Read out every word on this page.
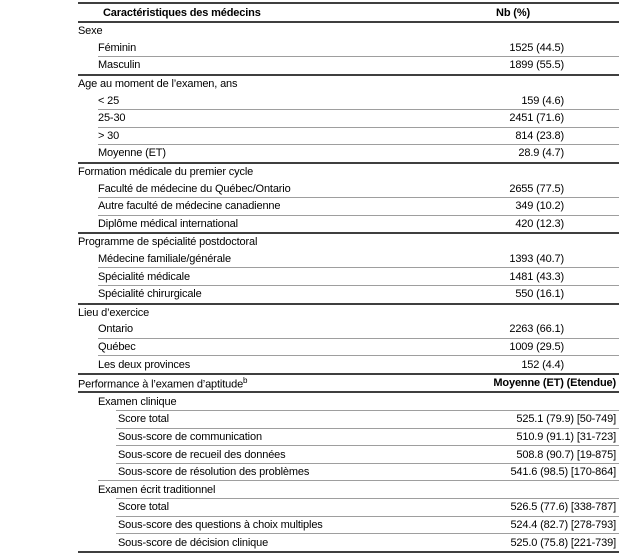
Caractéristiques des médecins	Nb (%)
Sexe
Féminin	1525 (44.5)
Masculin	1899 (55.5)
Age au moment de l’examen, ans
< 25	159 (4.6)
25-30	2451 (71.6)
> 30	814 (23.8)
Moyenne (ET)	28.9 (4.7)
Formation médicale du premier cycle
Faculté de médecine du Québec/Ontario	2655 (77.5)
Autre faculté de médecine canadienne	349 (10.2)
Diplôme médical international	420 (12.3)
Programme de spécialité postdoctoral
Médecine familiale/générale	1393 (40.7)
Spécialité médicale	1481 (43.3)
Spécialité chirurgicale	550 (16.1)
Lieu d’exercice
Ontario	2263 (66.1)
Québec	1009 (29.5)
Les deux provinces	152 (4.4)
Performance à l’examen d’aptitude$^b$	Moyenne (ET) (Etendue)
Examen clinique
Score total	525.1 (79.9) [50-749]
Sous-score de communication	510.9 (91.1) [31-723]
Sous-score de recueil des données	508.8 (90.7) [19-875]
Sous-score de résolution des problèmes	541.6 (98.5) [170-864]
Examen écrit traditionnel
Score total	526.5 (77.6) [338-787]
Sous-score des questions à choix multiples	524.4 (82.7) [278-793]
Sous-score de décision clinique	525.0 (75.8) [221-739]
